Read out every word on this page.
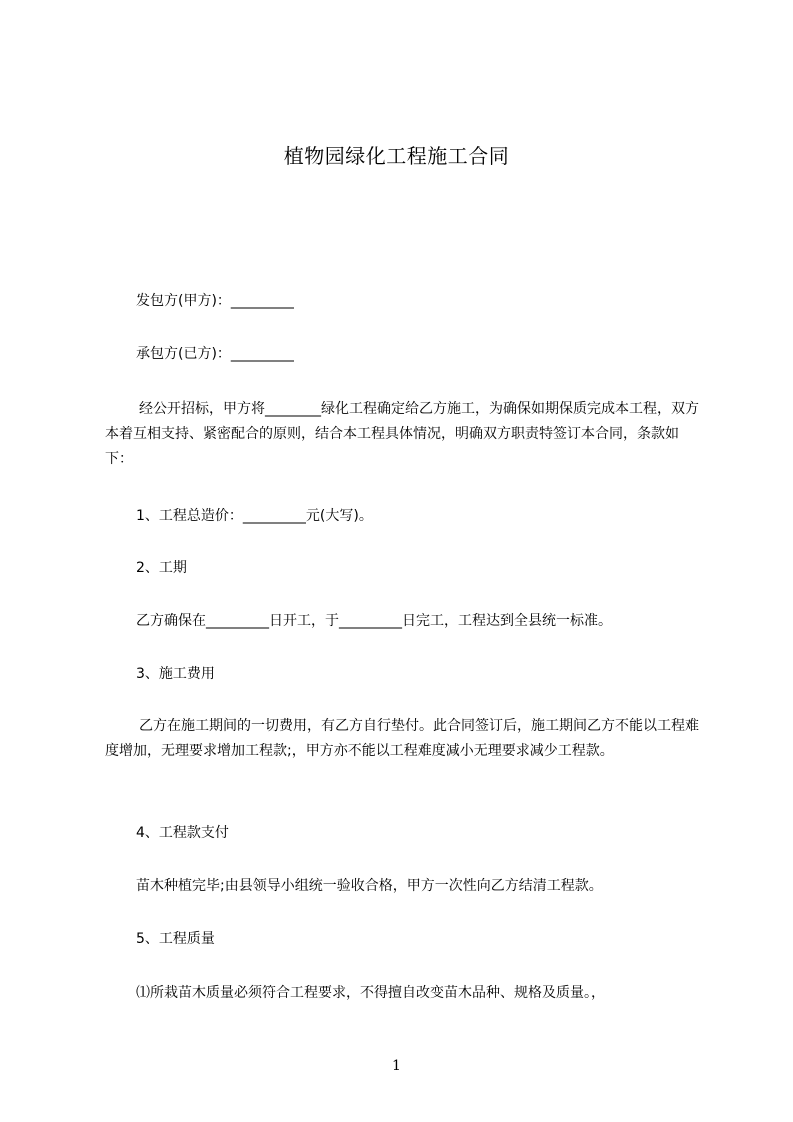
植物园绿化工程施工合同
发包方(甲方)：_________
承包方(已方)：_________
经公开招标，甲方将________绿化工程确定给乙方施工，为确保如期保质完成本工程，双方本着互相支持、紧密配合的原则，结合本工程具体情况，明确双方职责特签订本合同，条款如下：
1、工程总造价：_________元(大写)。
2、工期
乙方确保在_________日开工，于_________日完工，工程达到全县统一标准。
3、施工费用
乙方在施工期间的一切费用，有乙方自行垫付。此合同签订后，施工期间乙方不能以工程难度增加，无理要求增加工程款;，甲方亦不能以工程难度减小无理要求减少工程款。
4、工程款支付
苗木种植完毕;由县领导小组统一验收合格，甲方一次性向乙方结清工程款。
5、工程质量
⑴所栽苗木质量必须符合工程要求，不得擅自改变苗木品种、规格及质量。，
1
